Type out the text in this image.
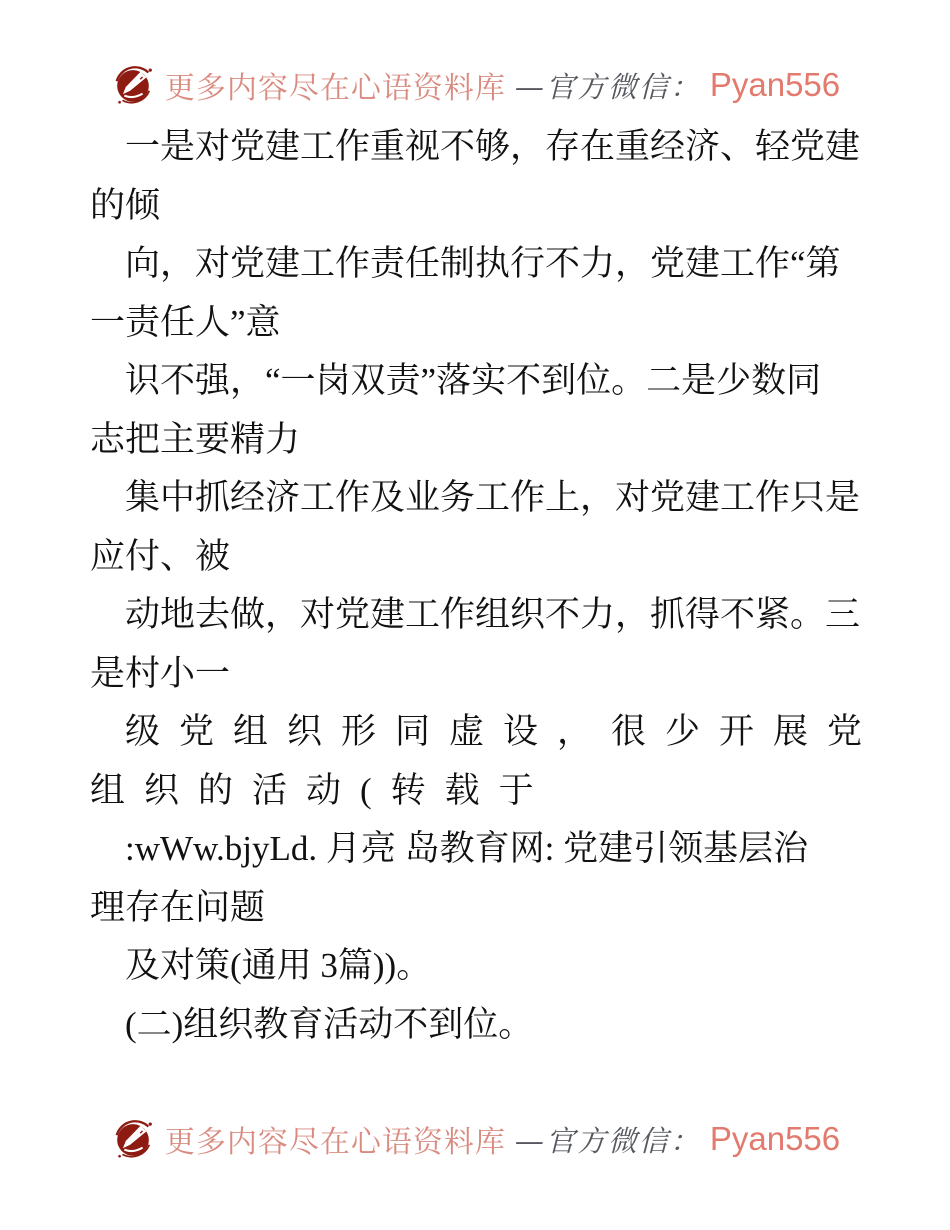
更多内容尽在心语资料库 —官方微信： Pyan556
一是对党建工作重视不够，存在重经济、轻党建
的倾
向，对党建工作责任制执行不力，党建工作“第
一责任人”意
识不强，“一岗双责”落实不到位。二是少数同
志把主要精力
集中抓经济工作及业务工作上，对党建工作只是
应付、被
动地去做，对党建工作组织不力，抓得不紧。三
是村小一
级党组织形同虚设，很少开展党
组织的活动(转载于
:wWw.bjyLd. 月亮 岛教育网: 党建引领基层治
理存在问题
及对策(通用 3篇))。
(二)组织教育活动不到位。
更多内容尽在心语资料库 —官方微信： Pyan556
